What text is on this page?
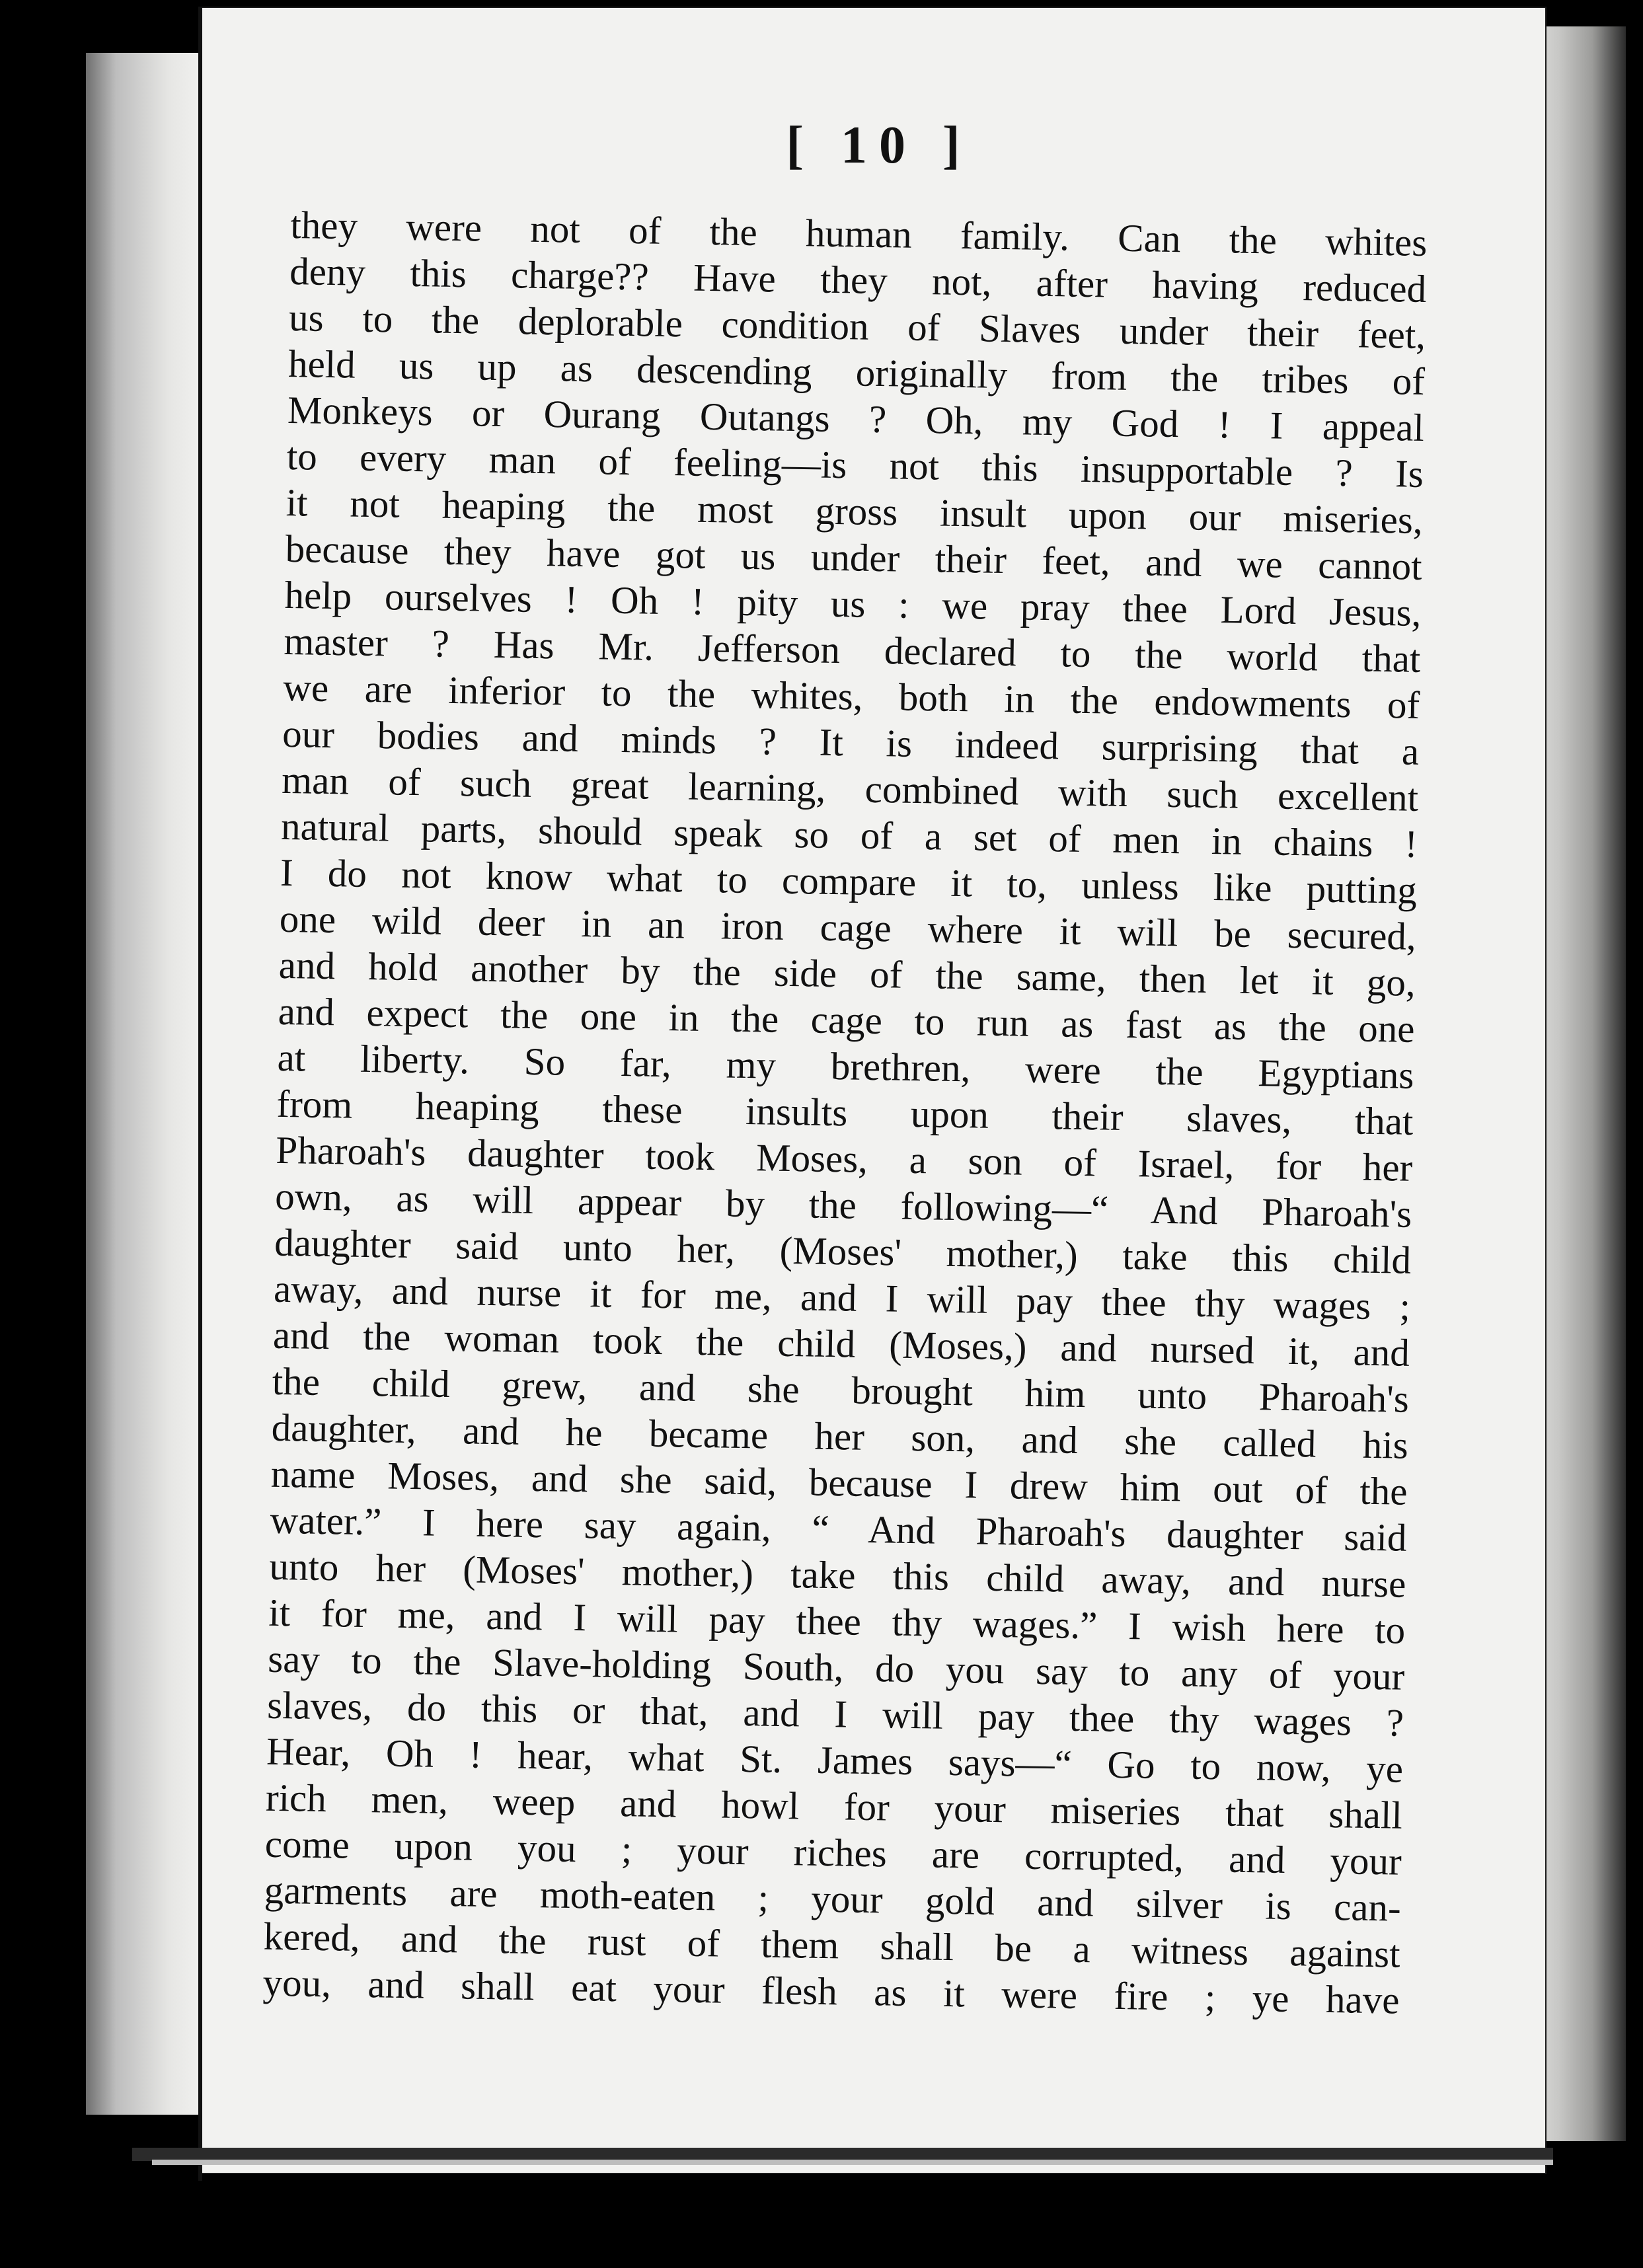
[ 10 ]
they were not of the human family. Can the whites
deny this charge?? Have they not, after having reduced
us to the deplorable condition of Slaves under their feet,
held us up as descending originally from the tribes of
Monkeys or Ourang Outangs ? Oh, my God ! I appeal
to every man of feeling—is not this insupportable ? Is
it not heaping the most gross insult upon our miseries,
because they have got us under their feet, and we cannot
help ourselves ! Oh ! pity us : we pray thee Lord Jesus,
master ? Has Mr. Jefferson declared to the world that
we are inferior to the whites, both in the endowments of
our bodies and minds ? It is indeed surprising that a
man of such great learning, combined with such excellent
natural parts, should speak so of a set of men in chains !
I do not know what to compare it to, unless like putting
one wild deer in an iron cage where it will be secured,
and hold another by the side of the same, then let it go,
and expect the one in the cage to run as fast as the one
at liberty. So far, my brethren, were the Egyptians
from heaping these insults upon their slaves, that
Pharoah's daughter took Moses, a son of Israel, for her
own, as will appear by the following—“ And Pharoah's
daughter said unto her, (Moses' mother,) take this child
away, and nurse it for me, and I will pay thee thy wages ;
and the woman took the child (Moses,) and nursed it, and
the child grew, and she brought him unto Pharoah's
daughter, and he became her son, and she called his
name Moses, and she said, because I drew him out of the
water.” I here say again, “ And Pharoah's daughter said
unto her (Moses' mother,) take this child away, and nurse
it for me, and I will pay thee thy wages.” I wish here to
say to the Slave-holding South, do you say to any of your
slaves, do this or that, and I will pay thee thy wages ?
Hear, Oh ! hear, what St. James says—“ Go to now, ye
rich men, weep and howl for your miseries that shall
come upon you ; your riches are corrupted, and your
garments are moth-eaten ; your gold and silver is can-
kered, and the rust of them shall be a witness against
you, and shall eat your flesh as it were fire ; ye have
